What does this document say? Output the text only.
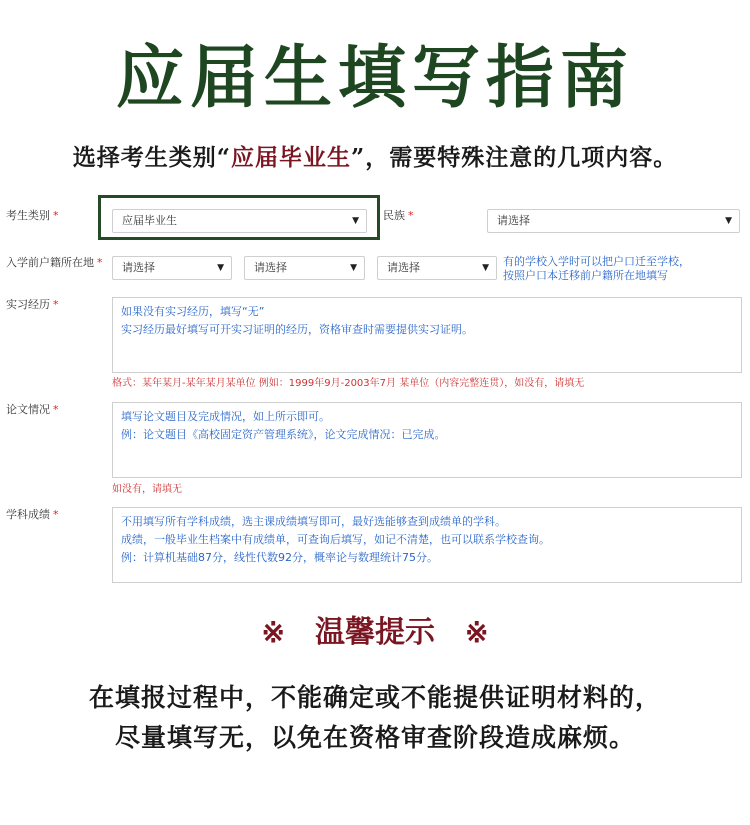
应届生填写指南
选择考生类别“应届毕业生”，需要特殊注意的几项内容。
考生类别 *	应届毕业生	▼ 民族 *	请选择	▼
入学前户籍所在地 *	请选择	▼	请选择	▼	请选择	▼ 有的学校入学时可以把户口迁至学校，
按照户口本迁移前户籍所在地填写
实习经历 *
如果没有实习经历，填写“无”
实习经历最好填写可开实习证明的经历，资格审查时需要提供实习证明。
格式：某年某月-某年某月某单位 例如：1999年9月-2003年7月 某单位（内容完整连贯），如没有，请填无
论文情况 *
填写论文题目及完成情况，如上所示即可。
例：论文题目《高校固定资产管理系统》，论文完成情况：已完成。
如没有，请填无
学科成绩 *
不用填写所有学科成绩，选主课成绩填写即可，最好选能够查到成绩单的学科。
成绩，一般毕业生档案中有成绩单，可查询后填写，如记不清楚，也可以联系学校查询。
例：计算机基础87分，线性代数92分，概率论与数理统计75分。
※ 温馨提示 ※
在填报过程中，不能确定或不能提供证明材料的，
尽量填写无，以免在资格审查阶段造成麻烦。
